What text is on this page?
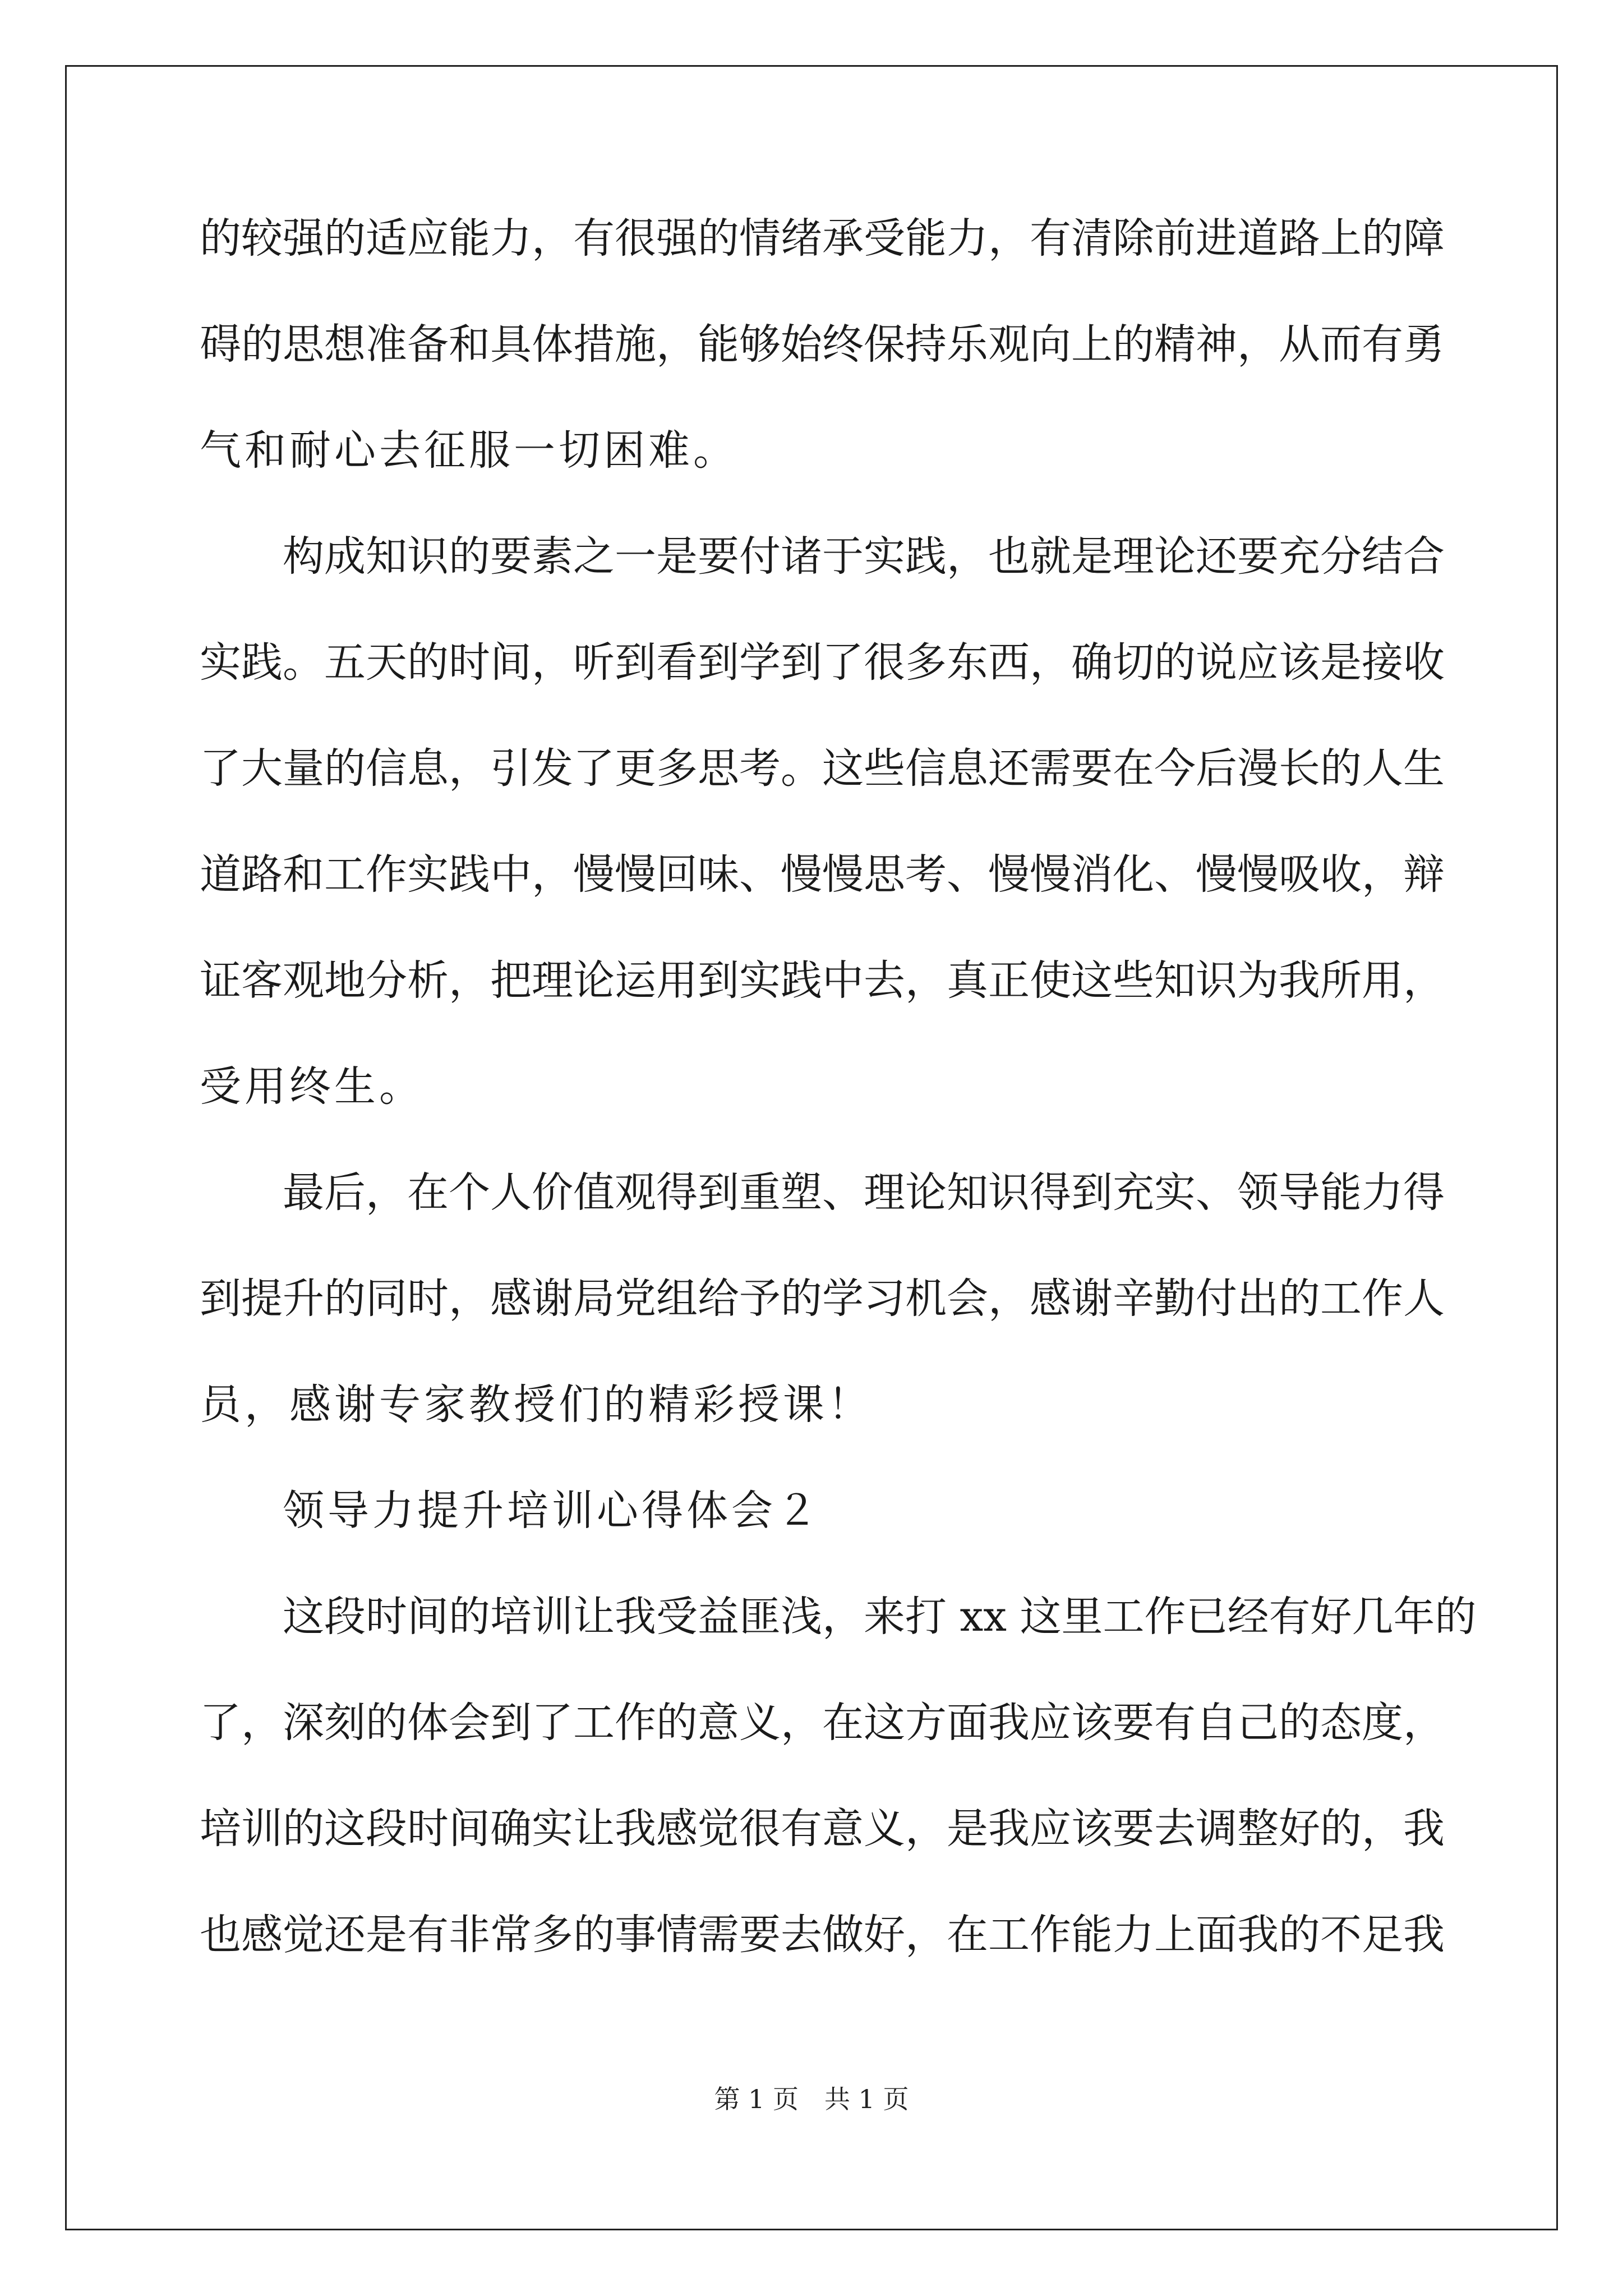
的较强的适应能力，有很强的情绪承受能力，有清除前进道路上的障
碍的思想准备和具体措施，能够始终保持乐观向上的精神，从而有勇
气和耐心去征服一切困难。
构成知识的要素之一是要付诸于实践，也就是理论还要充分结合
实践。五天的时间，听到看到学到了很多东西，确切的说应该是接收
了大量的信息，引发了更多思考。这些信息还需要在今后漫长的人生
道路和工作实践中，慢慢回味、慢慢思考、慢慢消化、慢慢吸收，辩
证客观地分析，把理论运用到实践中去，真正使这些知识为我所用，
受用终生。
最后，在个人价值观得到重塑、理论知识得到充实、领导能力得
到提升的同时，感谢局党组给予的学习机会，感谢辛勤付出的工作人
员，感谢专家教授们的精彩授课！
领导力提升培训心得体会２
这段时间的培训让我受益匪浅，来打 xx 这里工作已经有好几年的
了，深刻的体会到了工作的意义，在这方面我应该要有自己的态度，
培训的这段时间确实让我感觉很有意义，是我应该要去调整好的，我
也感觉还是有非常多的事情需要去做好，在工作能力上面我的不足我
第 1 页 共 1 页
